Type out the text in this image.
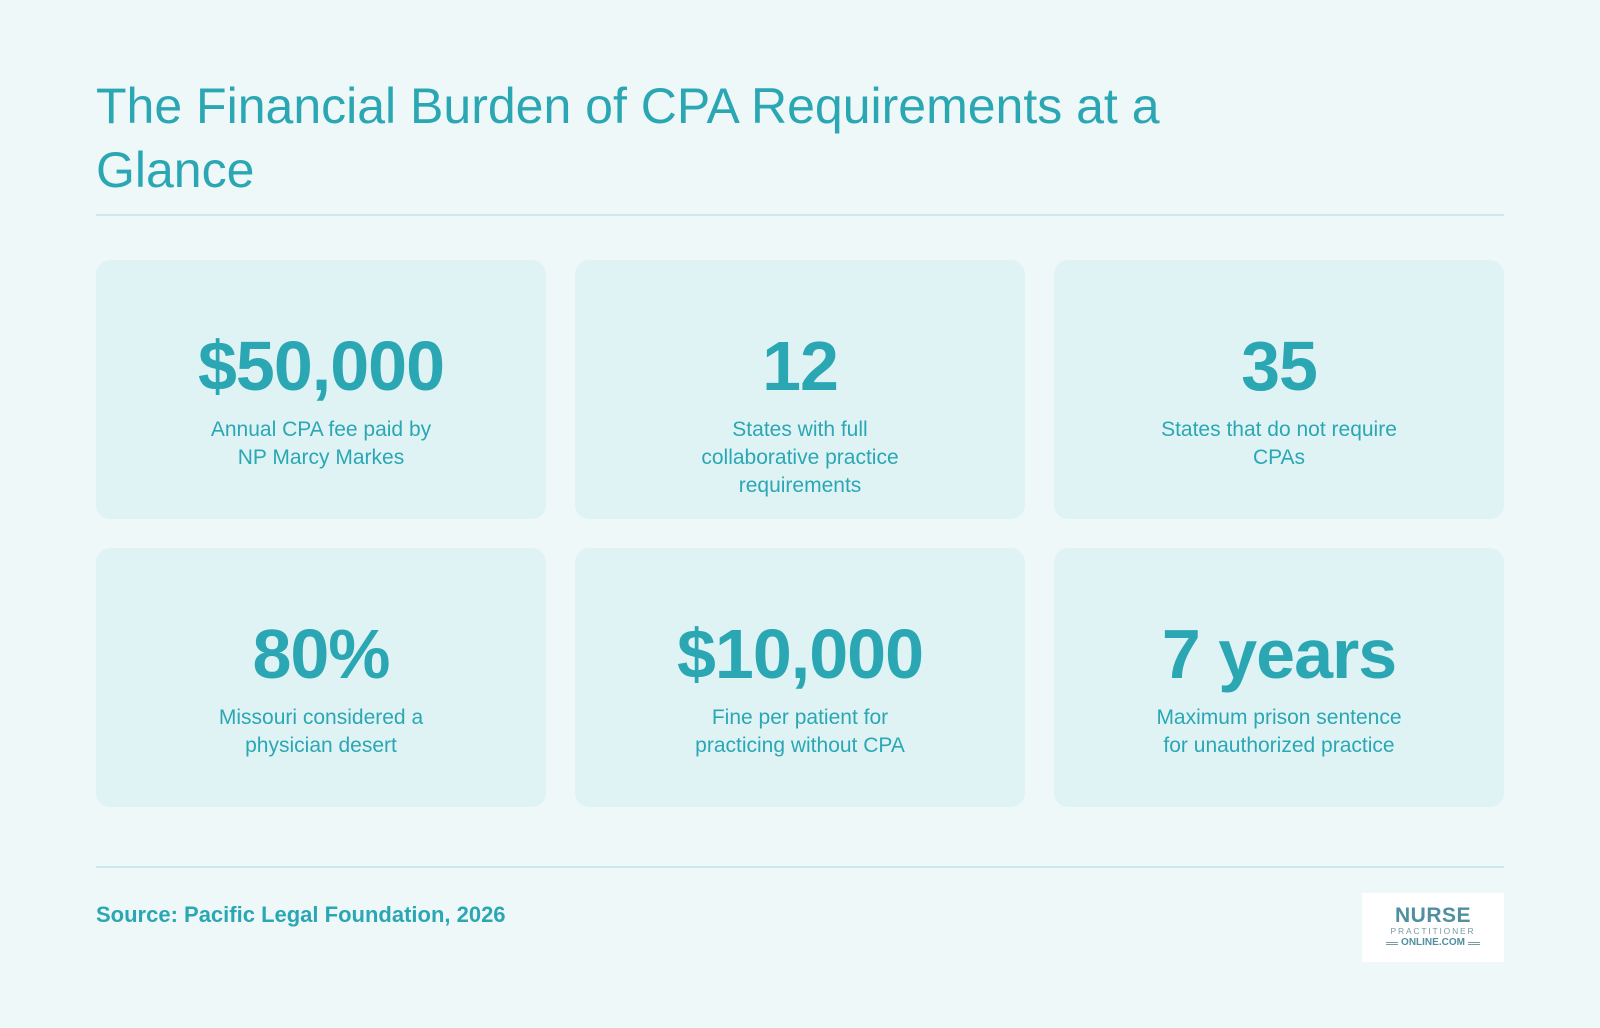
The Financial Burden of CPA Requirements at a Glance
$50,000
Annual CPA fee paid by NP Marcy Markes
12
States with full collaborative practice requirements
35
States that do not require CPAs
80%
Missouri considered a physician desert
$10,000
Fine per patient for practicing without CPA
7 years
Maximum prison sentence for unauthorized practice
Source: Pacific Legal Foundation, 2026	NURSE
PRACTITIONER
ONLINE.COM
